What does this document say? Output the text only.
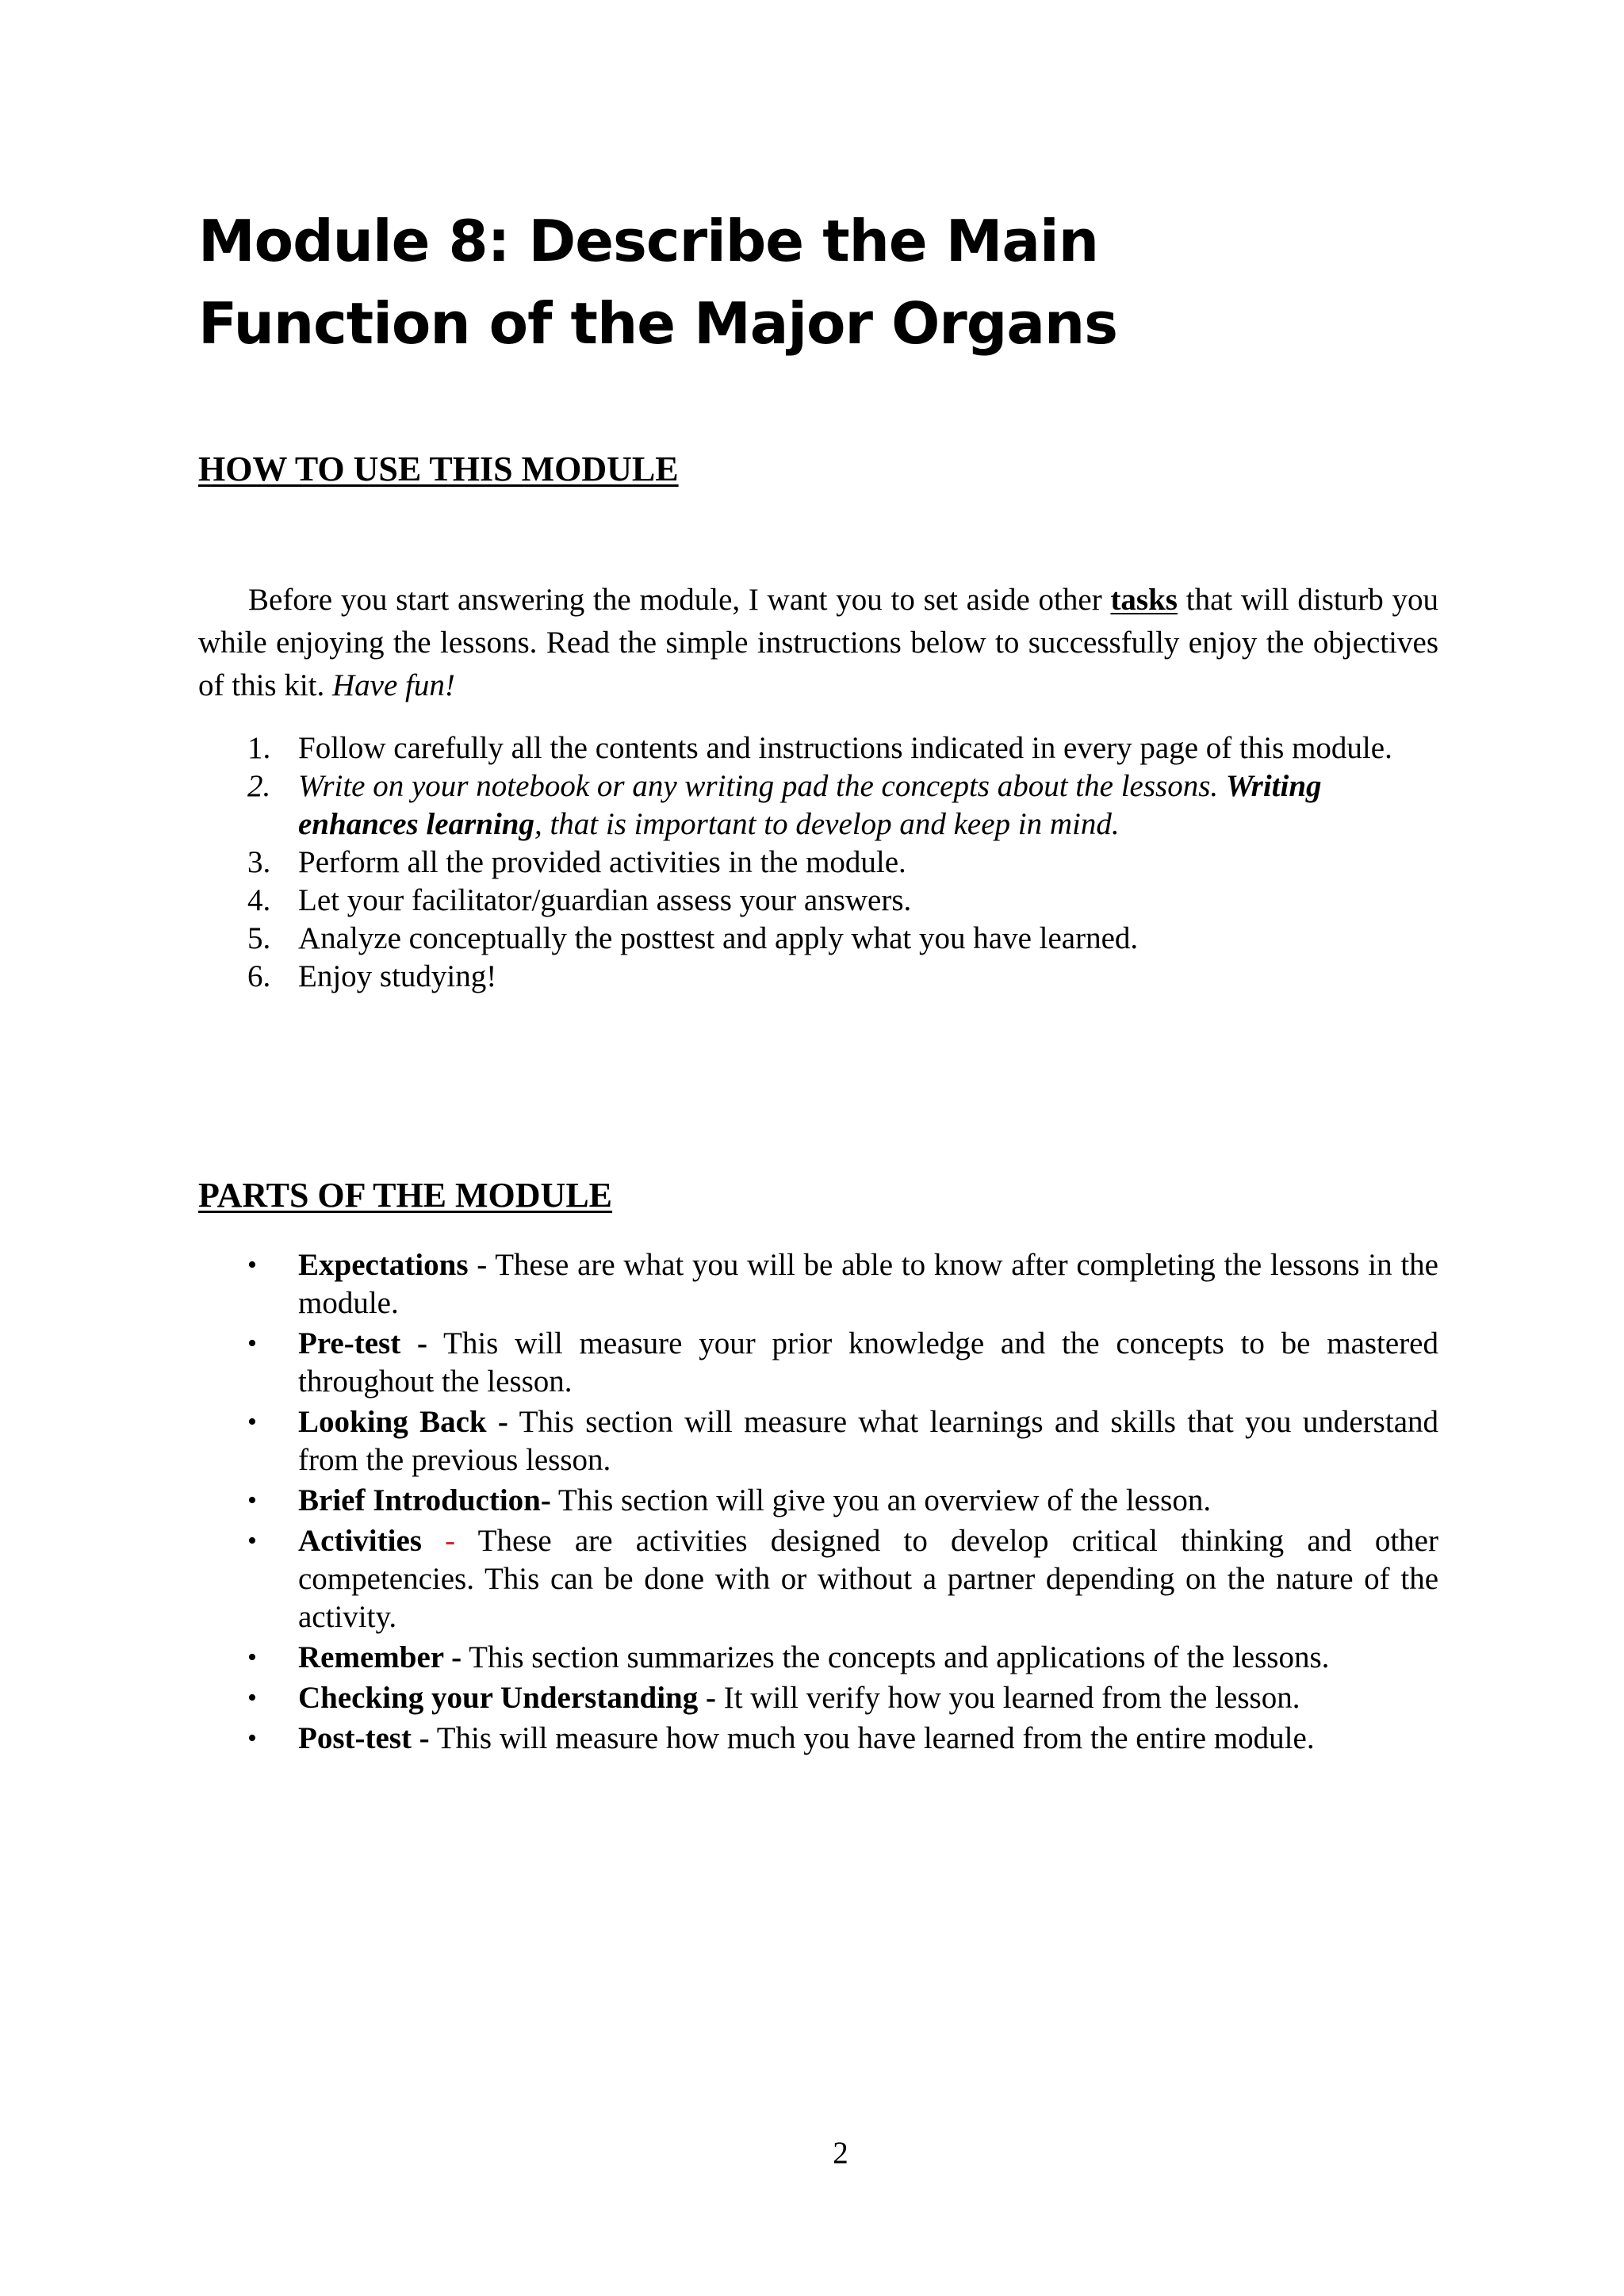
Module 8: Describe the Main
Function of the Major Organs
HOW TO USE THIS MODULE

Before you start answering the module, I want you to set aside other tasks that will disturb you while enjoying the lessons. Read the simple instructions below to successfully enjoy the objectives of this kit. Have fun!

1. Follow carefully all the contents and instructions indicated in every page of this module.
2. Write on your notebook or any writing pad the concepts about the lessons. Writing enhances learning, that is important to develop and keep in mind.
3. Perform all the provided activities in the module.
4. Let your facilitator/guardian assess your answers.
5. Analyze conceptually the posttest and apply what you have learned.
6. Enjoy studying!
PARTS OF THE MODULE
• Expectations - These are what you will be able to know after completing the lessons in the module.
• Pre-test - This will measure your prior knowledge and the concepts to be mastered throughout the lesson.
• Looking Back - This section will measure what learnings and skills that you understand from the previous lesson.
• Brief Introduction- This section will give you an overview of the lesson.
• Activities - These are activities designed to develop critical thinking and other competencies. This can be done with or without a partner depending on the nature of the activity.
• Remember - This section summarizes the concepts and applications of the lessons.
• Checking your Understanding - It will verify how you learned from the lesson.
• Post-test - This will measure how much you have learned from the entire module.

2
